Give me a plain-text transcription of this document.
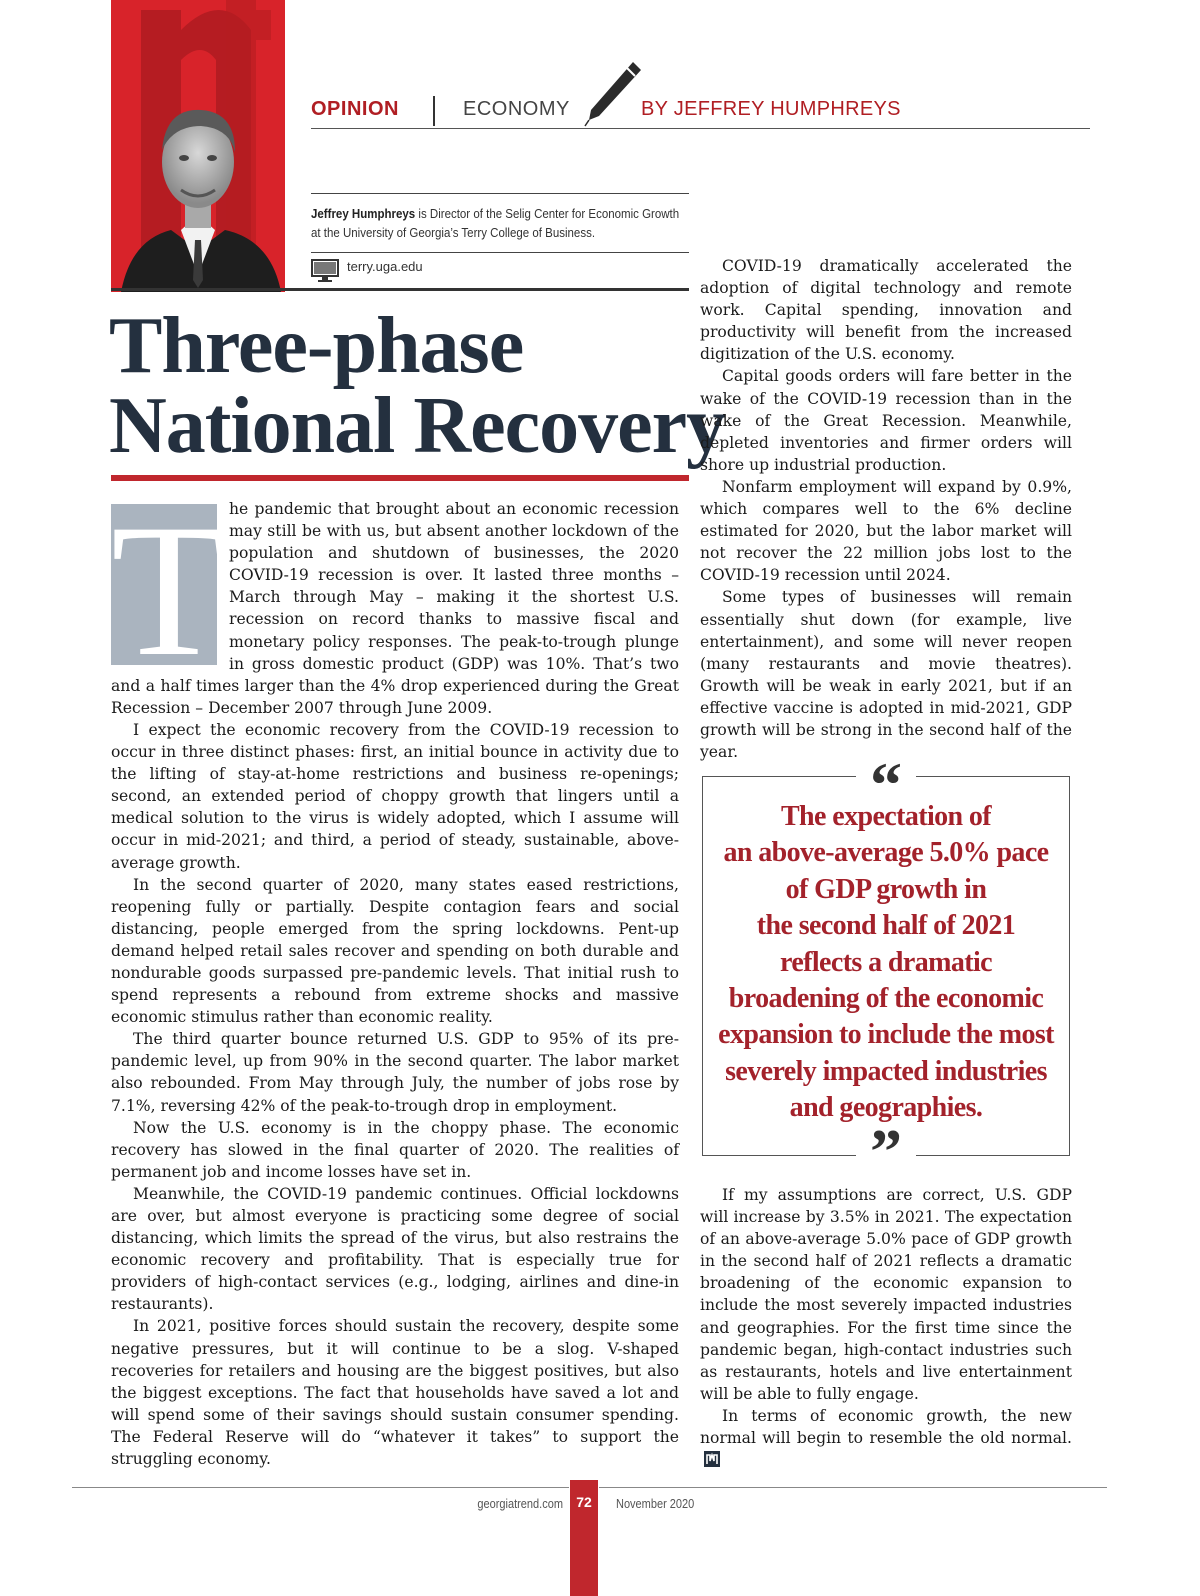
OPINION	ECONOMY	BY JEFFREY HUMPHREYS
Jeffrey Humphreys is Director of the Selig Center for Economic Growth at the University of Georgia’s Terry College of Business.
terry.uga.edu
Three-phase
National Recovery
T he pandemic that brought about an economic recession may still be with us, but absent another lockdown of the population and shutdown of businesses, the 2020 COVID-19 recession is over. It lasted three months – March through May – making it the shortest U.S. recession on record thanks to massive fiscal and monetary policy responses. The peak-to-trough plunge in gross domestic product (GDP) was 10%. That’s two and a half times larger than the 4% drop experienced during the Great Recession – December 2007 through June 2009.

I expect the economic recovery from the COVID-19 recession to occur in three distinct phases: first, an initial bounce in activity due to the lifting of stay-at-home restrictions and business re-openings; second, an extended period of choppy growth that lingers until a medical solution to the virus is widely adopted, which I assume will occur in mid-2021; and third, a period of steady, sustainable, above-average growth.

In the second quarter of 2020, many states eased restrictions, reopening fully or partially. Despite contagion fears and social distancing, people emerged from the spring lockdowns. Pent-up demand helped retail sales recover and spending on both durable and nondurable goods surpassed pre-pandemic levels. That initial rush to spend represents a rebound from extreme shocks and massive economic stimulus rather than economic reality.

The third quarter bounce returned U.S. GDP to 95% of its pre-pandemic level, up from 90% in the second quarter. The labor market also rebounded. From May through July, the number of jobs rose by 7.1%, reversing 42% of the peak-to-trough drop in employment.

Now the U.S. economy is in the choppy phase. The economic recovery has slowed in the final quarter of 2020. The realities of permanent job and income losses have set in.

Meanwhile, the COVID-19 pandemic continues. Official lockdowns are over, but almost everyone is practicing some degree of social distancing, which limits the spread of the virus, but also restrains the economic recovery and profitability. That is especially true for providers of high-contact services (e.g., lodging, airlines and dine-in restaurants).

In 2021, positive forces should sustain the recovery, despite some negative pressures, but it will continue to be a slog. V-shaped recoveries for retailers and housing are the biggest positives, but also the biggest exceptions. The fact that households have saved a lot and will spend some of their savings should sustain consumer spending. The Federal Reserve will do “whatever it takes” to support the struggling economy.

COVID-19 dramatically accelerated the adoption of digital technology and remote work. Capital spending, innovation and productivity will benefit from the increased digitization of the U.S. economy.

Capital goods orders will fare better in the wake of the COVID-19 recession than in the wake of the Great Recession. Meanwhile, depleted inventories and firmer orders will shore up industrial production.

Nonfarm employment will expand by 0.9%, which compares well to the 6% decline estimated for 2020, but the labor market will not recover the 22 million jobs lost to the COVID-19 recession until 2024.

Some types of businesses will remain essentially shut down (for example, live entertainment), and some will never reopen (many restaurants and movie theatres). Growth will be weak in early 2021, but if an effective vaccine is adopted in mid-2021, GDP growth will be strong in the second half of the year.	“
The expectation of
an above-average 5.0% pace
of GDP growth in
the second half of 2021
reflects a dramatic
broadening of the economic
expansion to include the most
severely impacted industries
and geographies.
”

If my assumptions are correct, U.S. GDP will increase by 3.5% in 2021. The expectation of an above-average 5.0% pace of GDP growth in the second half of 2021 reflects a dramatic broadening of the economic expansion to include the most severely impacted industries and geographies. For the first time since the pandemic began, high-contact industries such as restaurants, hotels and live entertainment will be able to fully engage.

In terms of economic growth, the new normal will begin to resemble the old normal.

georgiatrend.com 72	November 2020
